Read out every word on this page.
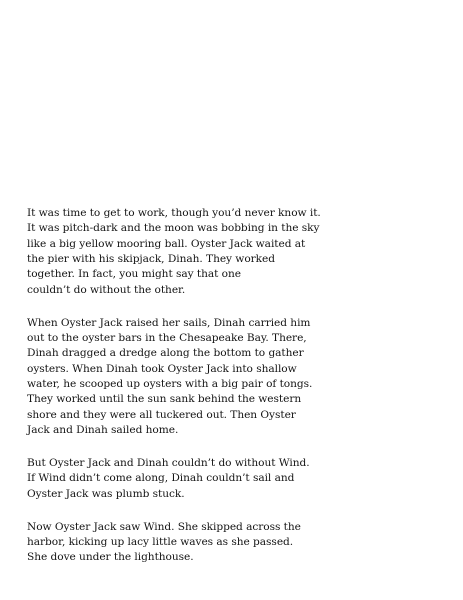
It was time to get to work, though you’d never know it.
It was pitch-dark and the moon was bobbing in the sky
like a big yellow mooring ball. Oyster Jack waited at
the pier with his skipjack, Dinah. They worked
together. In fact, you might say that one
couldn’t do without the other.

When Oyster Jack raised her sails, Dinah carried him
out to the oyster bars in the Chesapeake Bay. There,
Dinah dragged a dredge along the bottom to gather
oysters. When Dinah took Oyster Jack into shallow
water, he scooped up oysters with a big pair of tongs.
They worked until the sun sank behind the western
shore and they were all tuckered out. Then Oyster
Jack and Dinah sailed home.

But Oyster Jack and Dinah couldn’t do without Wind.
If Wind didn’t come along, Dinah couldn’t sail and
Oyster Jack was plumb stuck.

Now Oyster Jack saw Wind. She skipped across the
harbor, kicking up lacy little waves as she passed.
She dove under the lighthouse.
